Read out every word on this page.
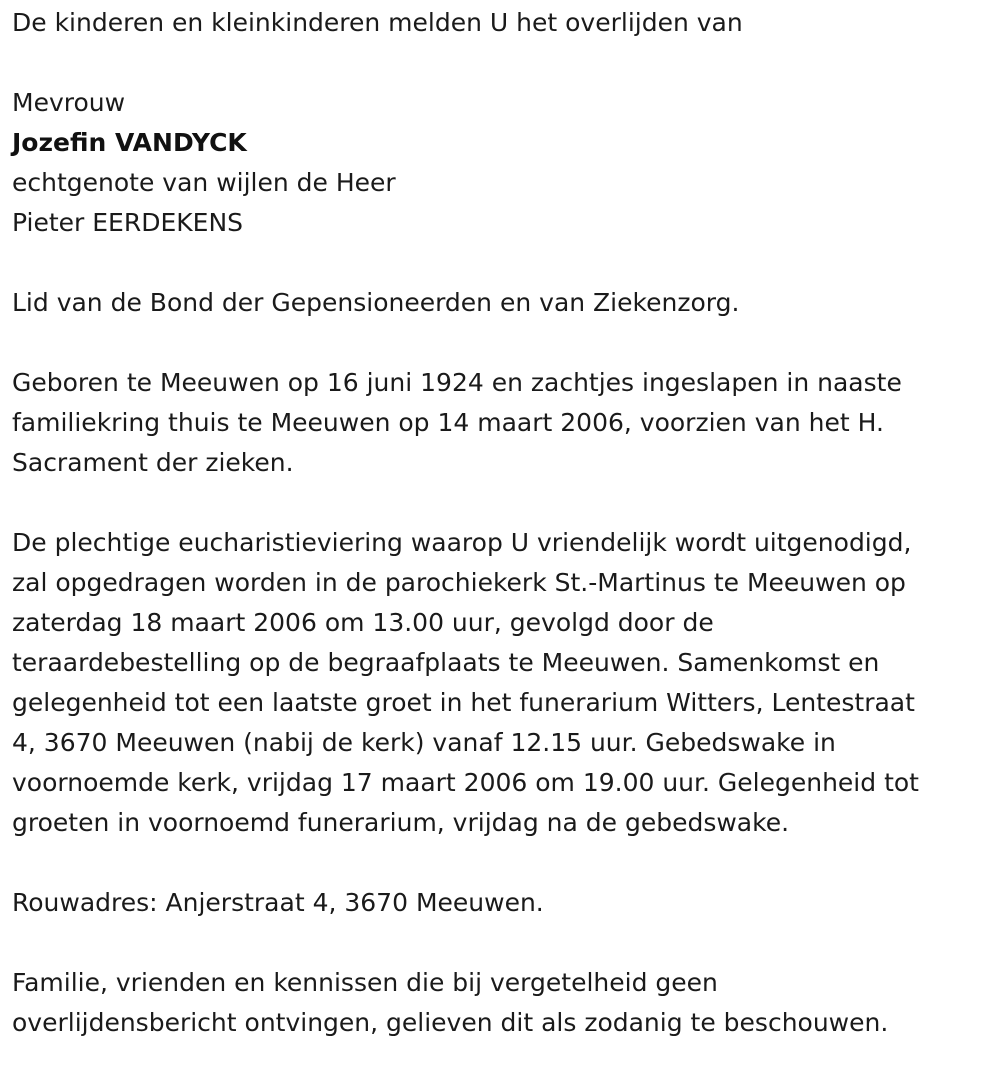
De kinderen en kleinkinderen melden U het overlijden van

Mevrouw

Jozefin VANDYCK

echtgenote van wijlen de Heer

Pieter EERDEKENS

Lid van de Bond der Gepensioneerden en van Ziekenzorg.

Geboren te Meeuwen op 16 juni 1924 en zachtjes ingeslapen in naaste

familiekring thuis te Meeuwen op 14 maart 2006, voorzien van het H.

Sacrament der zieken.

De plechtige eucharistieviering waarop U vriendelijk wordt uitgenodigd,

zal opgedragen worden in de parochiekerk St.-Martinus te Meeuwen op

zaterdag 18 maart 2006 om 13.00 uur, gevolgd door de

teraardebestelling op de begraafplaats te Meeuwen. Samenkomst en

gelegenheid tot een laatste groet in het funerarium Witters, Lentestraat

4, 3670 Meeuwen (nabij de kerk) vanaf 12.15 uur. Gebedswake in

voornoemde kerk, vrijdag 17 maart 2006 om 19.00 uur. Gelegenheid tot

groeten in voornoemd funerarium, vrijdag na de gebedswake.

Rouwadres: Anjerstraat 4, 3670 Meeuwen.

Familie, vrienden en kennissen die bij vergetelheid geen

overlijdensbericht ontvingen, gelieven dit als zodanig te beschouwen.
